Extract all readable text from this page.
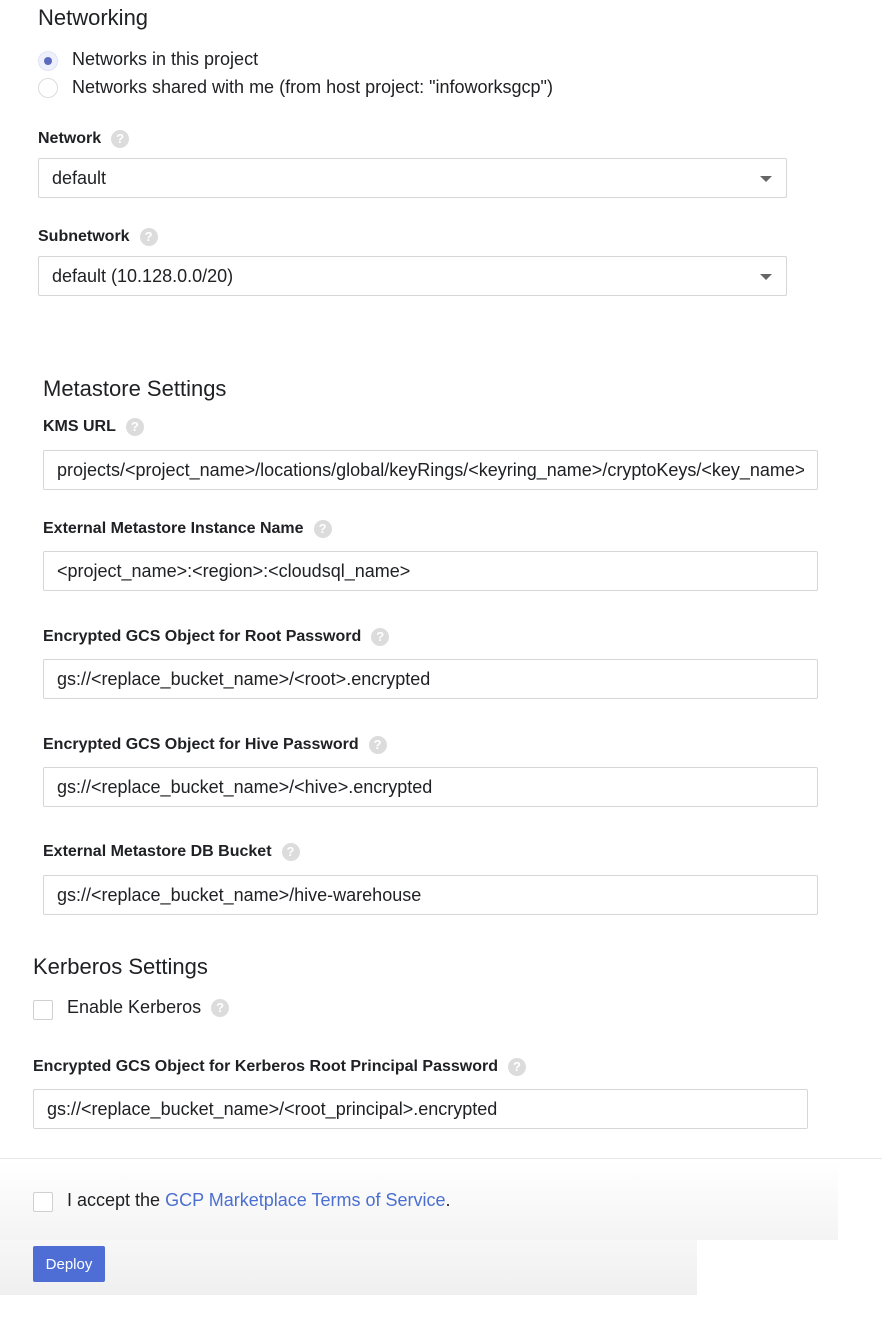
Networking
Networks in this project
Networks shared with me (from host project: "infoworksgcp")
Network	?
default
Subnetwork	?
default (10.128.0.0/20)
Metastore Settings
KMS URL	?
projects/<project_name>/locations/global/keyRings/<keyring_name>/cryptoKeys/<key_name>
External Metastore Instance Name	?
<project_name>:<region>:<cloudsql_name>
Encrypted GCS Object for Root Password	?
gs://<replace_bucket_name>/<root>.encrypted
Encrypted GCS Object for Hive Password	?
gs://<replace_bucket_name>/<hive>.encrypted
External Metastore DB Bucket	?
gs://<replace_bucket_name>/hive-warehouse
Kerberos Settings
Enable Kerberos	?
Encrypted GCS Object for Kerberos Root Principal Password	?
gs://<replace_bucket_name>/<root_principal>.encrypted
I accept the GCP Marketplace Terms of Service.
Deploy
